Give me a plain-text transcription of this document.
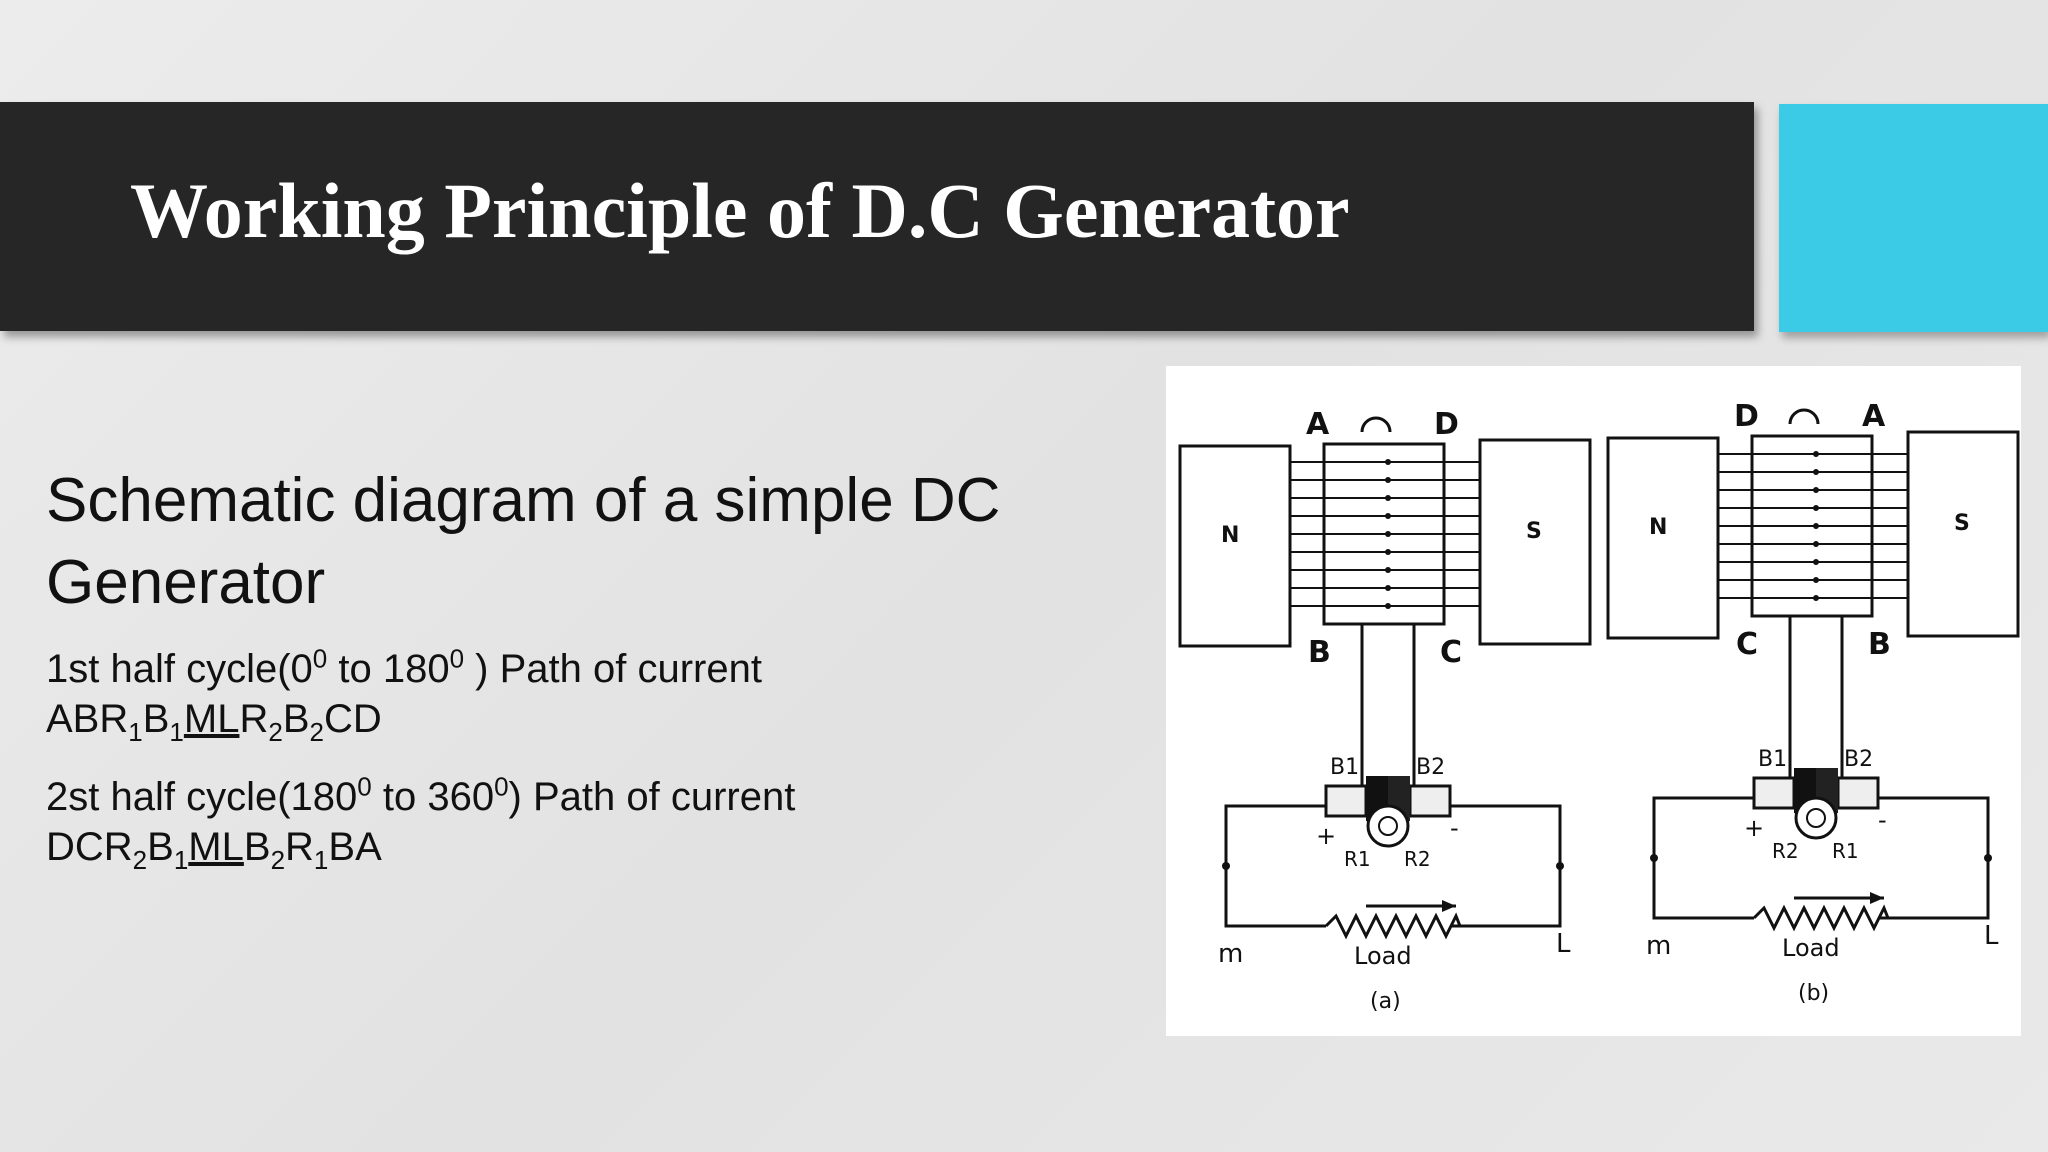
Working Principle of D.C Generator

Schematic diagram of a simple DC Generator

1st half $cycle(0^0$ to $180^0$ ) Path of current
$ABR_1B_1MLR_2B_2CD$

2st half $cycle(180^0$ to $360^0$) Path of current
$DCR_2B_1MLB_2R_1BA$

N	S
A	D
B	C
B1	B2
R1 R2
+	-
m	L
Load
(a)
N	S
D	A
C	B
B1	B2
R2 R1
+	-
m	L
Load
(b)
